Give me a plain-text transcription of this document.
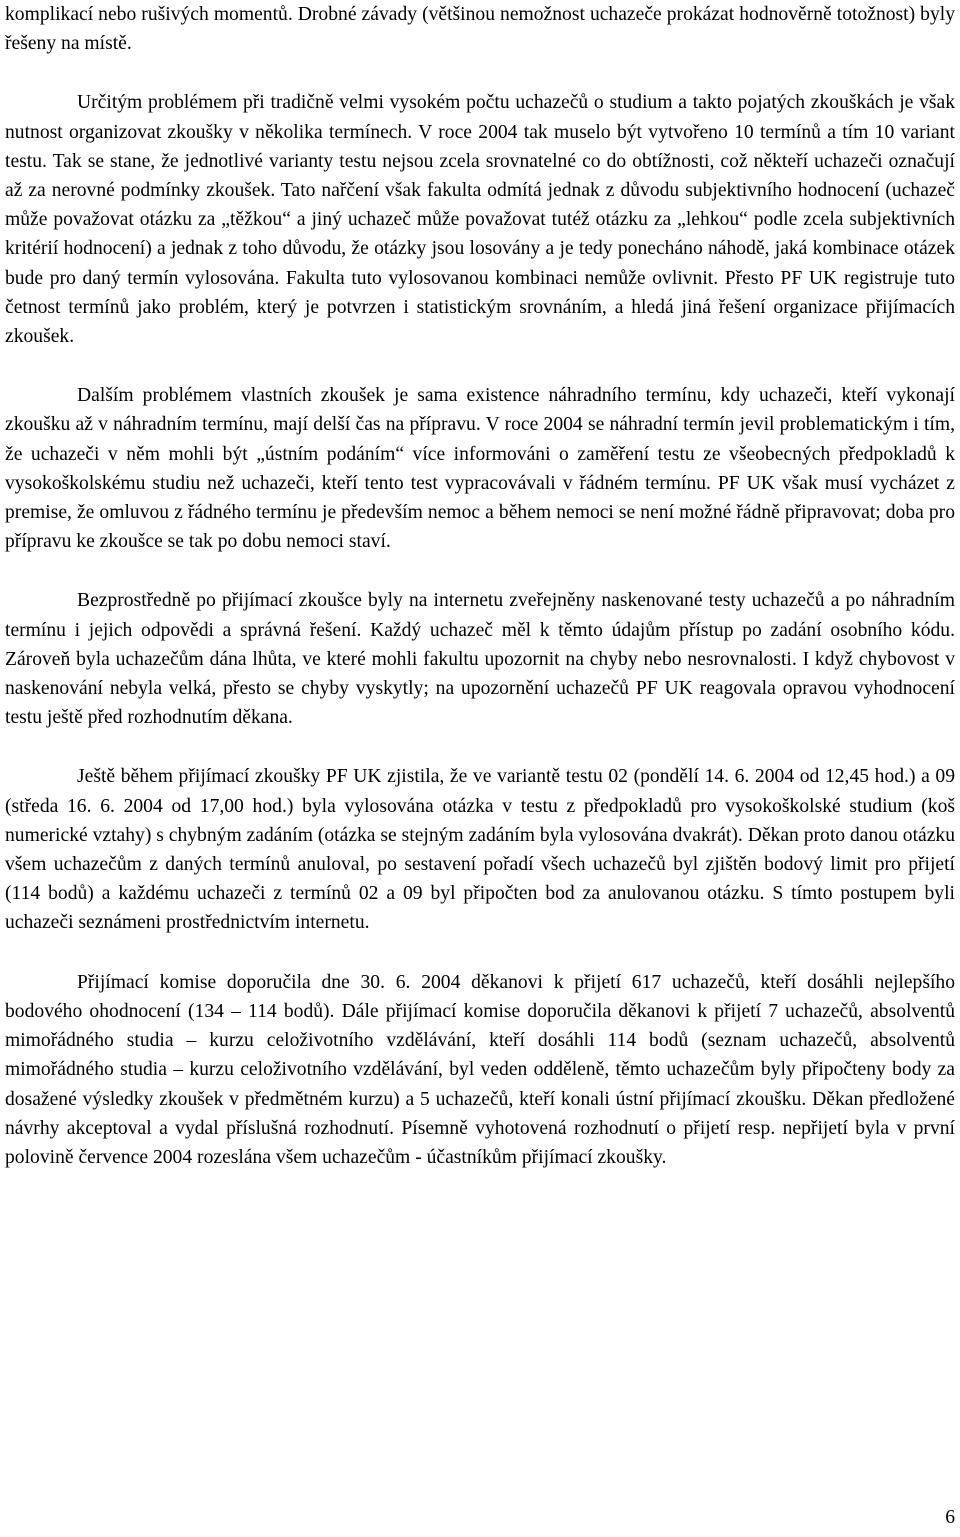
komplikací nebo rušivých momentů. Drobné závady (většinou nemožnost uchazeče prokázat hodnověrně totožnost) byly řešeny na místě.

Určitým problémem při tradičně velmi vysokém počtu uchazečů o studium a takto pojatých zkouškách je však nutnost organizovat zkoušky v několika termínech. V roce 2004 tak muselo být vytvořeno 10 termínů a tím 10 variant testu. Tak se stane, že jednotlivé varianty testu nejsou zcela srovnatelné co do obtížnosti, což někteří uchazeči označují až za nerovné podmínky zkoušek. Tato nařčení však fakulta odmítá jednak z důvodu subjektivního hodnocení (uchazeč může považovat otázku za „těžkou“ a jiný uchazeč může považovat tutéž otázku za „lehkou“ podle zcela subjektivních kritérií hodnocení) a jednak z toho důvodu, že otázky jsou losovány a je tedy ponecháno náhodě, jaká kombinace otázek bude pro daný termín vylosována. Fakulta tuto vylosovanou kombinaci nemůže ovlivnit. Přesto PF UK registruje tuto četnost termínů jako problém, který je potvrzen i statistickým srovnáním, a hledá jiná řešení organizace přijímacích zkoušek.

Dalším problémem vlastních zkoušek je sama existence náhradního termínu, kdy uchazeči, kteří vykonají zkoušku až v náhradním termínu, mají delší čas na přípravu. V roce 2004 se náhradní termín jevil problematickým i tím, že uchazeči v něm mohli být „ústním podáním“ více informováni o zaměření testu ze všeobecných předpokladů k vysokoškolskému studiu než uchazeči, kteří tento test vypracovávali v řádném termínu. PF UK však musí vycházet z premise, že omluvou z řádného termínu je především nemoc a během nemoci se není možné řádně připravovat; doba pro přípravu ke zkoušce se tak po dobu nemoci staví.

Bezprostředně po přijímací zkoušce byly na internetu zveřejněny naskenované testy uchazečů a po náhradním termínu i jejich odpovědi a správná řešení. Každý uchazeč měl k těmto údajům přístup po zadání osobního kódu. Zároveň byla uchazečům dána lhůta, ve které mohli fakultu upozornit na chyby nebo nesrovnalosti. I když chybovost v naskenování nebyla velká, přesto se chyby vyskytly; na upozornění uchazečů PF UK reagovala opravou vyhodnocení testu ještě před rozhodnutím děkana.

Ještě během přijímací zkoušky PF UK zjistila, že ve variantě testu 02 (pondělí 14. 6. 2004 od 12,45 hod.) a 09 (středa 16. 6. 2004 od 17,00 hod.) byla vylosována otázka v testu z předpokladů pro vysokoškolské studium (koš numerické vztahy) s chybným zadáním (otázka se stejným zadáním byla vylosována dvakrát). Děkan proto danou otázku všem uchazečům z daných termínů anuloval, po sestavení pořadí všech uchazečů byl zjištěn bodový limit pro přijetí (114 bodů) a každému uchazeči z termínů 02 a 09 byl připočten bod za anulovanou otázku. S tímto postupem byli uchazeči seznámeni prostřednictvím internetu.

Přijímací komise doporučila dne 30. 6. 2004 děkanovi k přijetí 617 uchazečů, kteří dosáhli nejlepšího bodového ohodnocení (134 – 114 bodů). Dále přijímací komise doporučila děkanovi k přijetí 7 uchazečů, absolventů mimořádného studia – kurzu celoživotního vzdělávání, kteří dosáhli 114 bodů (seznam uchazečů, absolventů mimořádného studia – kurzu celoživotního vzdělávání, byl veden odděleně, těmto uchazečům byly připočteny body za dosažené výsledky zkoušek v předmětném kurzu) a 5 uchazečů, kteří konali ústní přijímací zkoušku. Děkan předložené návrhy akceptoval a vydal příslušná rozhodnutí. Písemně vyhotovená rozhodnutí o přijetí resp. nepřijetí byla v první polovině července 2004 rozeslána všem uchazečům - účastníkům přijímací zkoušky.

6
